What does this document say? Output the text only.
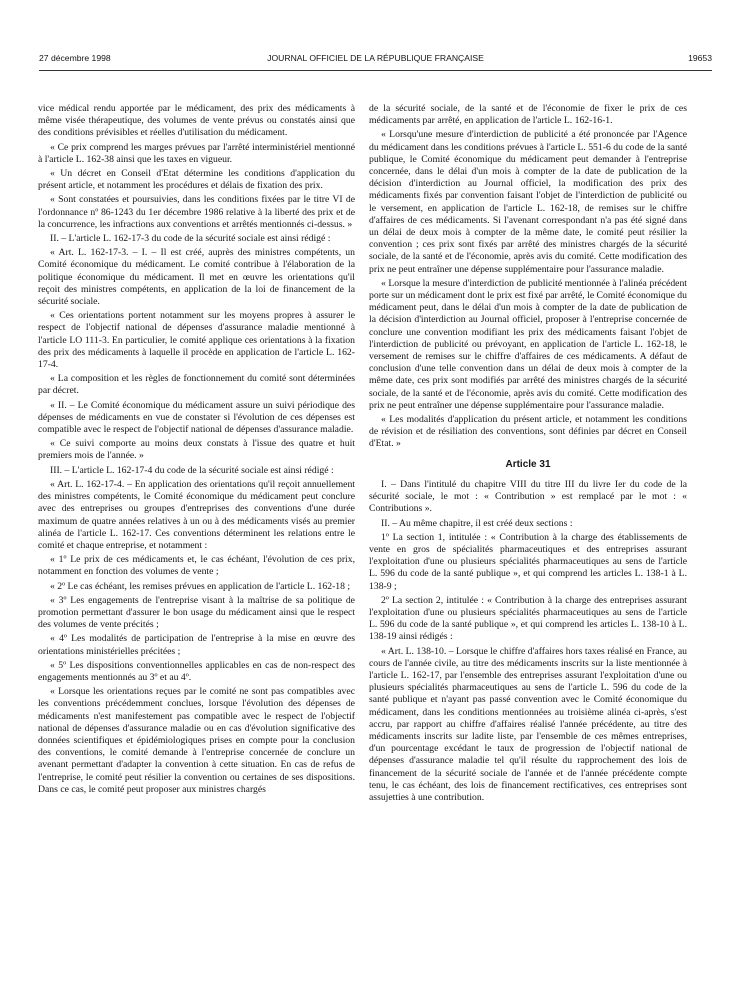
27 décembre 1998	JOURNAL OFFICIEL DE LA RÉPUBLIQUE FRANÇAISE	19653

vice médical rendu apportée par le médicament, des prix des médicaments à même visée thérapeutique, des volumes de vente prévus ou constatés ainsi que des conditions prévisibles et réelles d'utilisation du médicament.

« Ce prix comprend les marges prévues par l'arrêté interministériel mentionné à l'article L. 162-38 ainsi que les taxes en vigueur.

« Un décret en Conseil d'Etat détermine les conditions d'application du présent article, et notamment les procédures et délais de fixation des prix.

« Sont constatées et poursuivies, dans les conditions fixées par le titre VI de l'ordonnance nº 86-1243 du 1er décembre 1986 relative à la liberté des prix et de la concurrence, les infractions aux conventions et arrêtés mentionnés ci-dessus. »

II. – L'article L. 162-17-3 du code de la sécurité sociale est ainsi rédigé :

« Art. L. 162-17-3. – I. – Il est créé, auprès des ministres compétents, un Comité économique du médicament. Le comité contribue à l'élaboration de la politique économique du médicament. Il met en œuvre les orientations qu'il reçoit des ministres compétents, en application de la loi de financement de la sécurité sociale.

« Ces orientations portent notamment sur les moyens propres à assurer le respect de l'objectif national de dépenses d'assurance maladie mentionné à l'article LO 111-3. En particulier, le comité applique ces orientations à la fixation des prix des médicaments à laquelle il procède en application de l'article L. 162-17-4.

« La composition et les règles de fonctionnement du comité sont déterminées par décret.

« II. – Le Comité économique du médicament assure un suivi périodique des dépenses de médicaments en vue de constater si l'évolution de ces dépenses est compatible avec le respect de l'objectif national de dépenses d'assurance maladie.

« Ce suivi comporte au moins deux constats à l'issue des quatre et huit premiers mois de l'année. »

III. – L'article L. 162-17-4 du code de la sécurité sociale est ainsi rédigé :

« Art. L. 162-17-4. – En application des orientations qu'il reçoit annuellement des ministres compétents, le Comité économique du médicament peut conclure avec des entreprises ou groupes d'entreprises des conventions d'une durée maximum de quatre années relatives à un ou à des médicaments visés au premier alinéa de l'article L. 162-17. Ces conventions déterminent les relations entre le comité et chaque entreprise, et notamment :

« 1º Le prix de ces médicaments et, le cas échéant, l'évolution de ces prix, notamment en fonction des volumes de vente ;

« 2º Le cas échéant, les remises prévues en application de l'article L. 162-18 ;

« 3º Les engagements de l'entreprise visant à la maîtrise de sa politique de promotion permettant d'assurer le bon usage du médicament ainsi que le respect des volumes de vente précités ;

« 4º Les modalités de participation de l'entreprise à la mise en œuvre des orientations ministérielles précitées ;

« 5º Les dispositions conventionnelles applicables en cas de non-respect des engagements mentionnés au 3º et au 4º.

« Lorsque les orientations reçues par le comité ne sont pas compatibles avec les conventions précédemment conclues, lorsque l'évolution des dépenses de médicaments n'est manifestement pas compatible avec le respect de l'objectif national de dépenses d'assurance maladie ou en cas d'évolution significative des données scientifiques et épidémiologiques prises en compte pour la conclusion des conventions, le comité demande à l'entreprise concernée de conclure un avenant permettant d'adapter la convention à cette situation. En cas de refus de l'entreprise, le comité peut résilier la convention ou certaines de ses dispositions. Dans ce cas, le comité peut proposer aux ministres chargés

de la sécurité sociale, de la santé et de l'économie de fixer le prix de ces médicaments par arrêté, en application de l'article L. 162-16-1.

« Lorsqu'une mesure d'interdiction de publicité a été prononcée par l'Agence du médicament dans les conditions prévues à l'article L. 551-6 du code de la santé publique, le Comité économique du médicament peut demander à l'entreprise concernée, dans le délai d'un mois à compter de la date de publication de la décision d'interdiction au Journal officiel, la modification des prix des médicaments fixés par convention faisant l'objet de l'interdiction de publicité ou le versement, en application de l'article L. 162-18, de remises sur le chiffre d'affaires de ces médicaments. Si l'avenant correspondant n'a pas été signé dans un délai de deux mois à compter de la même date, le comité peut résilier la convention ; ces prix sont fixés par arrêté des ministres chargés de la sécurité sociale, de la santé et de l'économie, après avis du comité. Cette modification des prix ne peut entraîner une dépense supplémentaire pour l'assurance maladie.

« Lorsque la mesure d'interdiction de publicité mentionnée à l'alinéa précédent porte sur un médicament dont le prix est fixé par arrêté, le Comité économique du médicament peut, dans le délai d'un mois à compter de la date de publication de la décision d'interdiction au Journal officiel, proposer à l'entreprise concernée de conclure une convention modifiant les prix des médicaments faisant l'objet de l'interdiction de publicité ou prévoyant, en application de l'article L. 162-18, le versement de remises sur le chiffre d'affaires de ces médicaments. A défaut de conclusion d'une telle convention dans un délai de deux mois à compter de la même date, ces prix sont modifiés par arrêté des ministres chargés de la sécurité sociale, de la santé et de l'économie, après avis du comité. Cette modification des prix ne peut entraîner une dépense supplémentaire pour l'assurance maladie.

« Les modalités d'application du présent article, et notamment les conditions de révision et de résiliation des conventions, sont définies par décret en Conseil d'Etat. »

Article 31

I. – Dans l'intitulé du chapitre VIII du titre III du livre Ier du code de la sécurité sociale, le mot : « Contribution » est remplacé par le mot : « Contributions ».

II. – Au même chapitre, il est créé deux sections :

1º La section 1, intitulée : « Contribution à la charge des établissements de vente en gros de spécialités pharmaceutiques et des entreprises assurant l'exploitation d'une ou plusieurs spécialités pharmaceutiques au sens de l'article L. 596 du code de la santé publique », et qui comprend les articles L. 138-1 à L. 138-9 ;

2º La section 2, intitulée : « Contribution à la charge des entreprises assurant l'exploitation d'une ou plusieurs spécialités pharmaceutiques au sens de l'article L. 596 du code de la santé publique », et qui comprend les articles L. 138-10 à L. 138-19 ainsi rédigés :

« Art. L. 138-10. – Lorsque le chiffre d'affaires hors taxes réalisé en France, au cours de l'année civile, au titre des médicaments inscrits sur la liste mentionnée à l'article L. 162-17, par l'ensemble des entreprises assurant l'exploitation d'une ou plusieurs spécialités pharmaceutiques au sens de l'article L. 596 du code de la santé publique et n'ayant pas passé convention avec le Comité économique du médicament, dans les conditions mentionnées au troisième alinéa ci-après, s'est accru, par rapport au chiffre d'affaires réalisé l'année précédente, au titre des médicaments inscrits sur ladite liste, par l'ensemble de ces mêmes entreprises, d'un pourcentage excédant le taux de progression de l'objectif national de dépenses d'assurance maladie tel qu'il résulte du rapprochement des lois de financement de la sécurité sociale de l'année et de l'année précédente compte tenu, le cas échéant, des lois de financement rectificatives, ces entreprises sont assujetties à une contribution.
